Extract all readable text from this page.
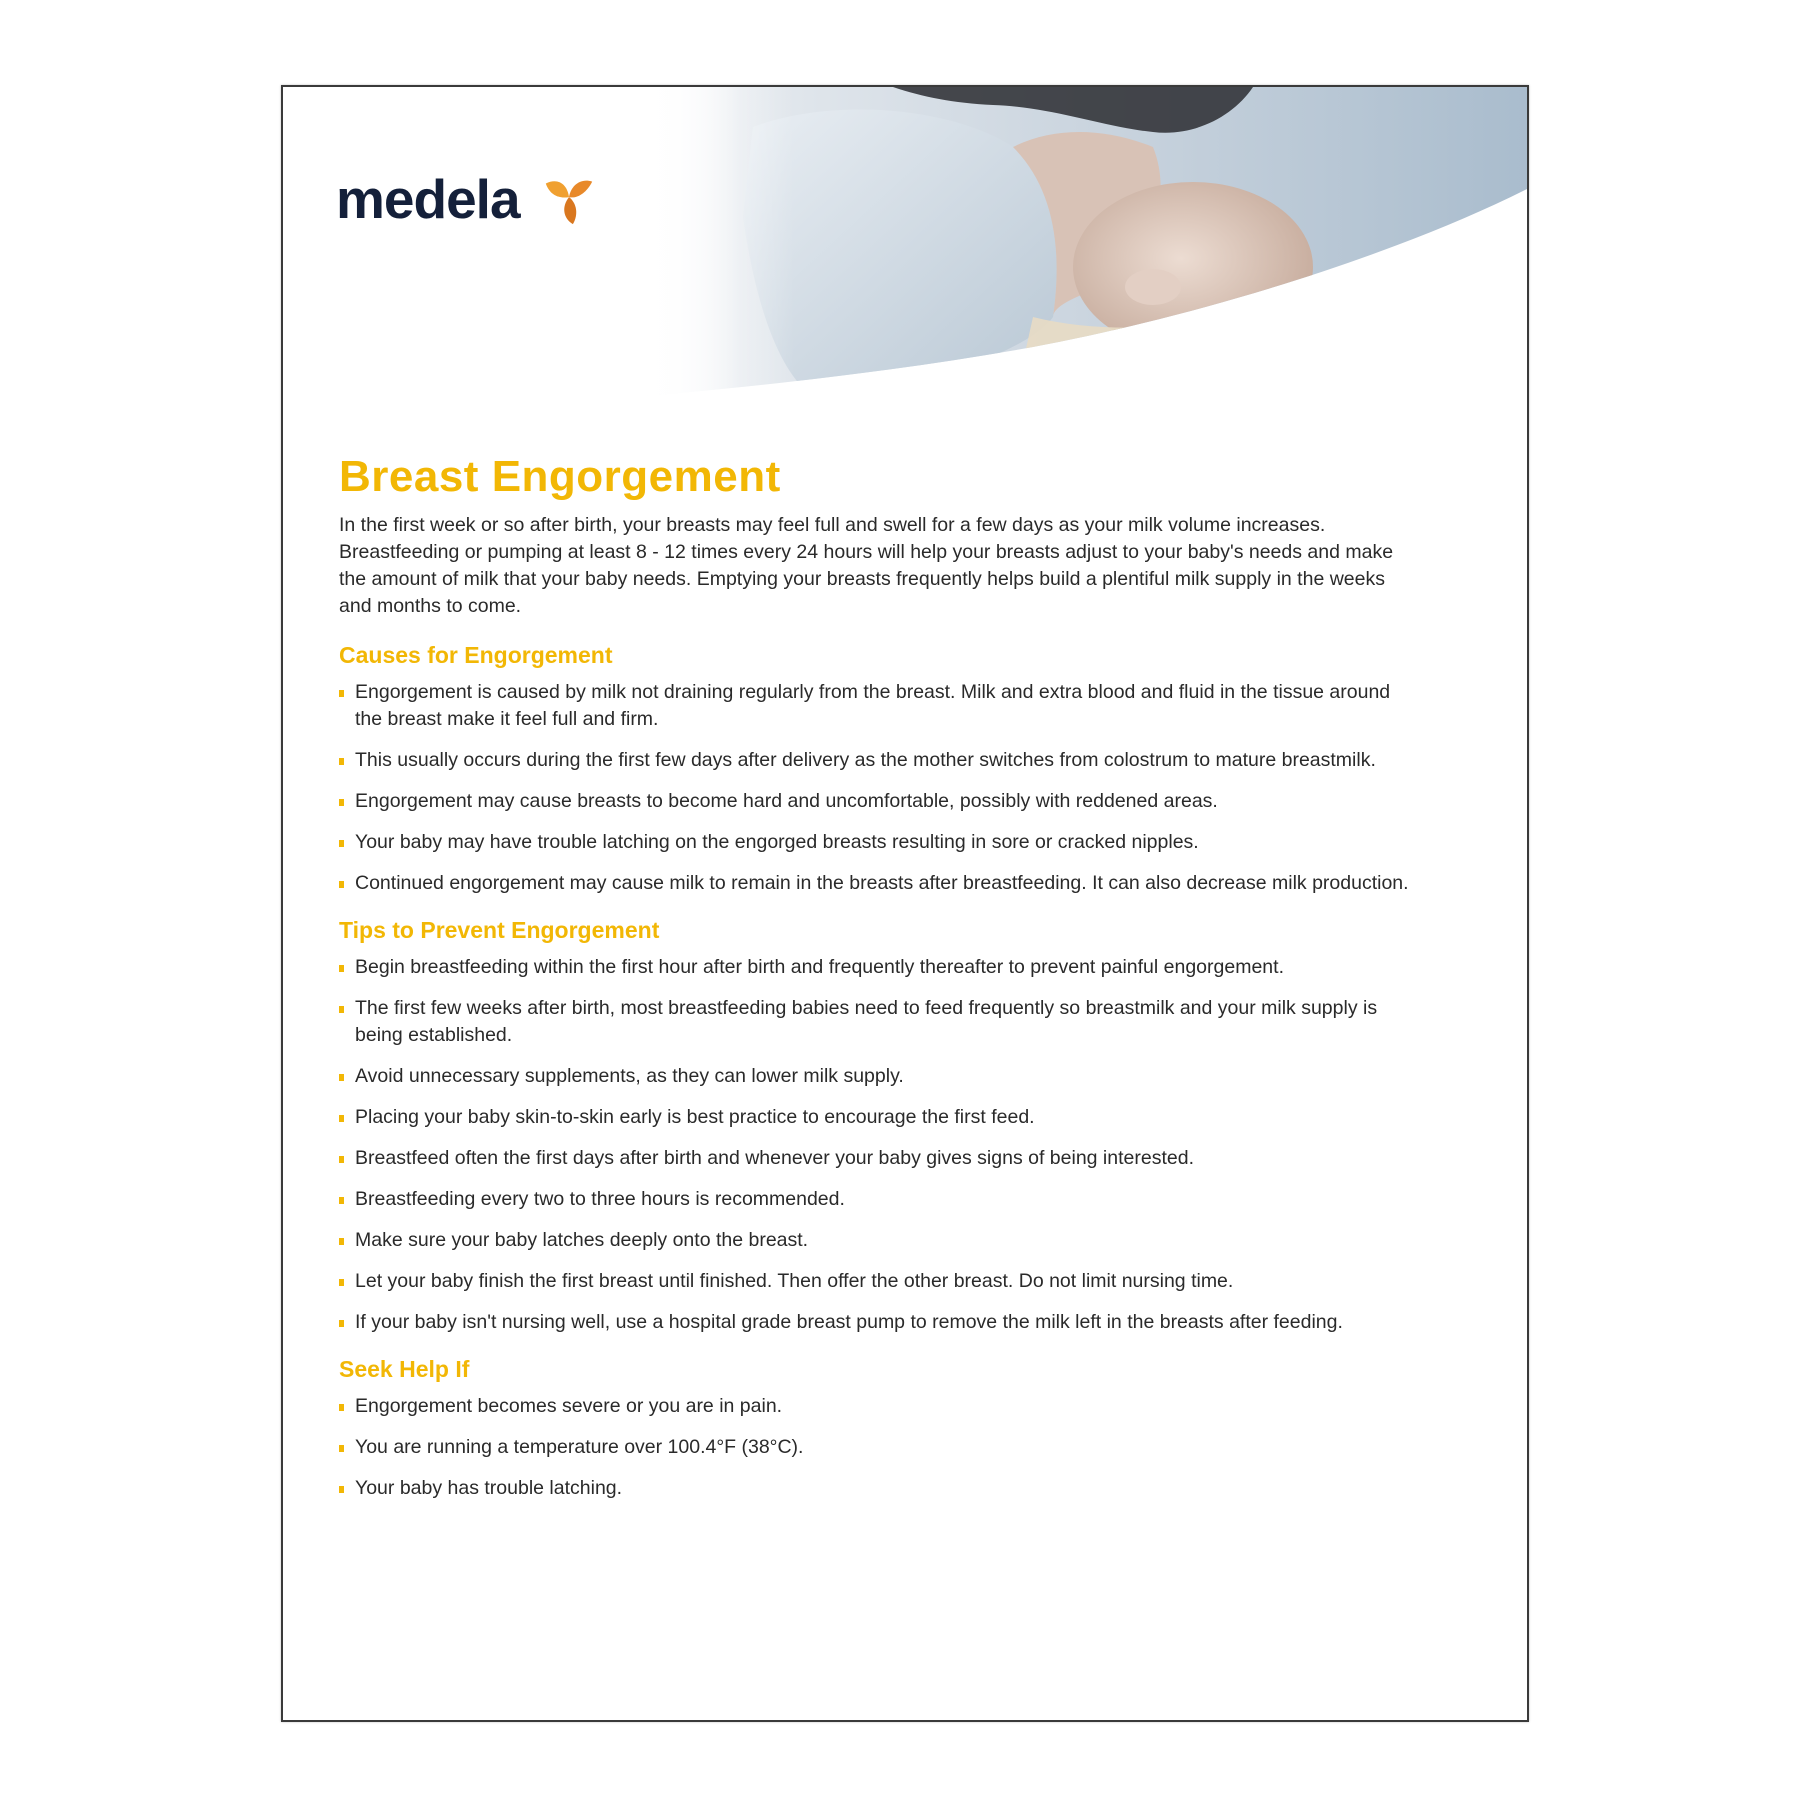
medela
Breast Engorgement

In the first week or so after birth, your breasts may feel full and swell for a few days as your milk volume increases. Breastfeeding or pumping at least 8 - 12 times every 24 hours will help your breasts adjust to your baby's needs and make the amount of milk that your baby needs. Emptying your breasts frequently helps build a plentiful milk supply in the weeks and months to come.

Causes for Engorgement
Engorgement is caused by milk not draining regularly from the breast. Milk and extra blood and fluid in the tissue around the breast make it feel full and firm.
This usually occurs during the first few days after delivery as the mother switches from colostrum to mature breastmilk.
Engorgement may cause breasts to become hard and uncomfortable, possibly with reddened areas.
Your baby may have trouble latching on the engorged breasts resulting in sore or cracked nipples.
Continued engorgement may cause milk to remain in the breasts after breastfeeding. It can also decrease milk production.
Tips to Prevent Engorgement
Begin breastfeeding within the first hour after birth and frequently thereafter to prevent painful engorgement.
The first few weeks after birth, most breastfeeding babies need to feed frequently so breastmilk and your milk supply is being established.
Avoid unnecessary supplements, as they can lower milk supply.
Placing your baby skin-to-skin early is best practice to encourage the first feed.
Breastfeed often the first days after birth and whenever your baby gives signs of being interested.
Breastfeeding every two to three hours is recommended.
Make sure your baby latches deeply onto the breast.
Let your baby finish the first breast until finished. Then offer the other breast. Do not limit nursing time.
If your baby isn't nursing well, use a hospital grade breast pump to remove the milk left in the breasts after feeding.
Seek Help If
Engorgement becomes severe or you are in pain.
You are running a temperature over 100.4°F (38°C).
Your baby has trouble latching.
